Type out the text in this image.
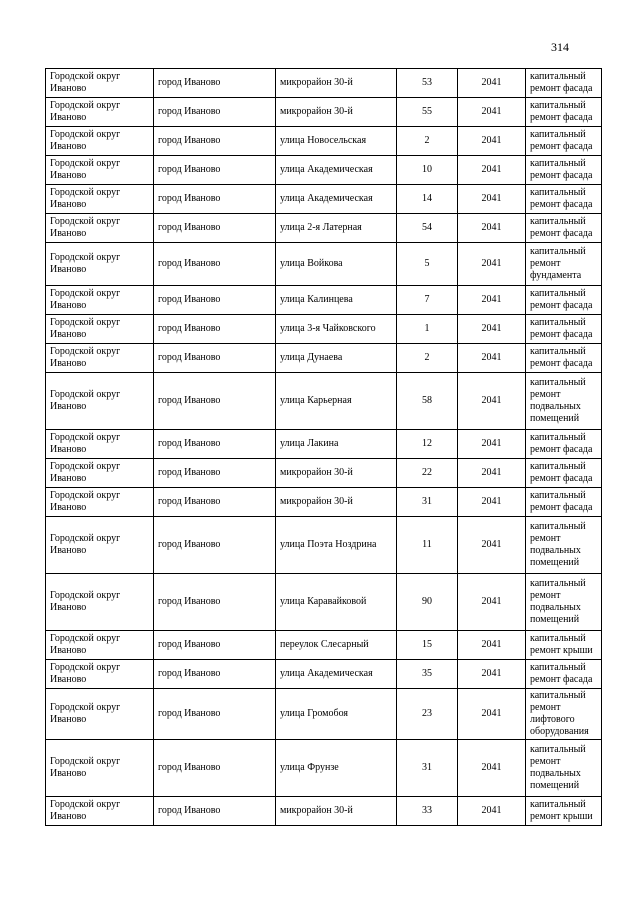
314
Городской округ Иваново	город Иваново	микрорайон 30-й	53	2041	капитальный ремонт фасада
Городской округ Иваново	город Иваново	микрорайон 30-й	55	2041	капитальный ремонт фасада
Городской округ Иваново	город Иваново	улица Новосельская	2	2041	капитальный ремонт фасада
Городской округ Иваново	город Иваново	улица Академическая	10	2041	капитальный ремонт фасада
Городской округ Иваново	город Иваново	улица Академическая	14	2041	капитальный ремонт фасада
Городской округ Иваново	город Иваново	улица 2-я Латерная	54	2041	капитальный ремонт фасада
Городской округ Иваново	город Иваново	улица Войкова	5	2041	капитальный ремонт фундамента
Городской округ Иваново	город Иваново	улица Калинцева	7	2041	капитальный ремонт фасада
Городской округ Иваново	город Иваново	улица 3-я Чайковского	1	2041	капитальный ремонт фасада
Городской округ Иваново	город Иваново	улица Дунаева	2	2041	капитальный ремонт фасада
Городской округ Иваново	город Иваново	улица Карьерная	58	2041	капитальный ремонт подвальных помещений
Городской округ Иваново	город Иваново	улица Лакина	12	2041	капитальный ремонт фасада
Городской округ Иваново	город Иваново	микрорайон 30-й	22	2041	капитальный ремонт фасада
Городской округ Иваново	город Иваново	микрорайон 30-й	31	2041	капитальный ремонт фасада
Городской округ Иваново	город Иваново	улица Поэта Ноздрина	11	2041	капитальный ремонт подвальных помещений
Городской округ Иваново	город Иваново	улица Каравайковой	90	2041	капитальный ремонт подвальных помещений
Городской округ Иваново	город Иваново	переулок Слесарный	15	2041	капитальный ремонт крыши
Городской округ Иваново	город Иваново	улица Академическая	35	2041	капитальный ремонт фасада
Городской округ Иваново	город Иваново	улица Громобоя	23	2041	капитальный ремонт лифтового оборудования
Городской округ Иваново	город Иваново	улица Фрунзе	31	2041	капитальный ремонт подвальных помещений
Городской округ Иваново	город Иваново	микрорайон 30-й	33	2041	капитальный ремонт крыши
